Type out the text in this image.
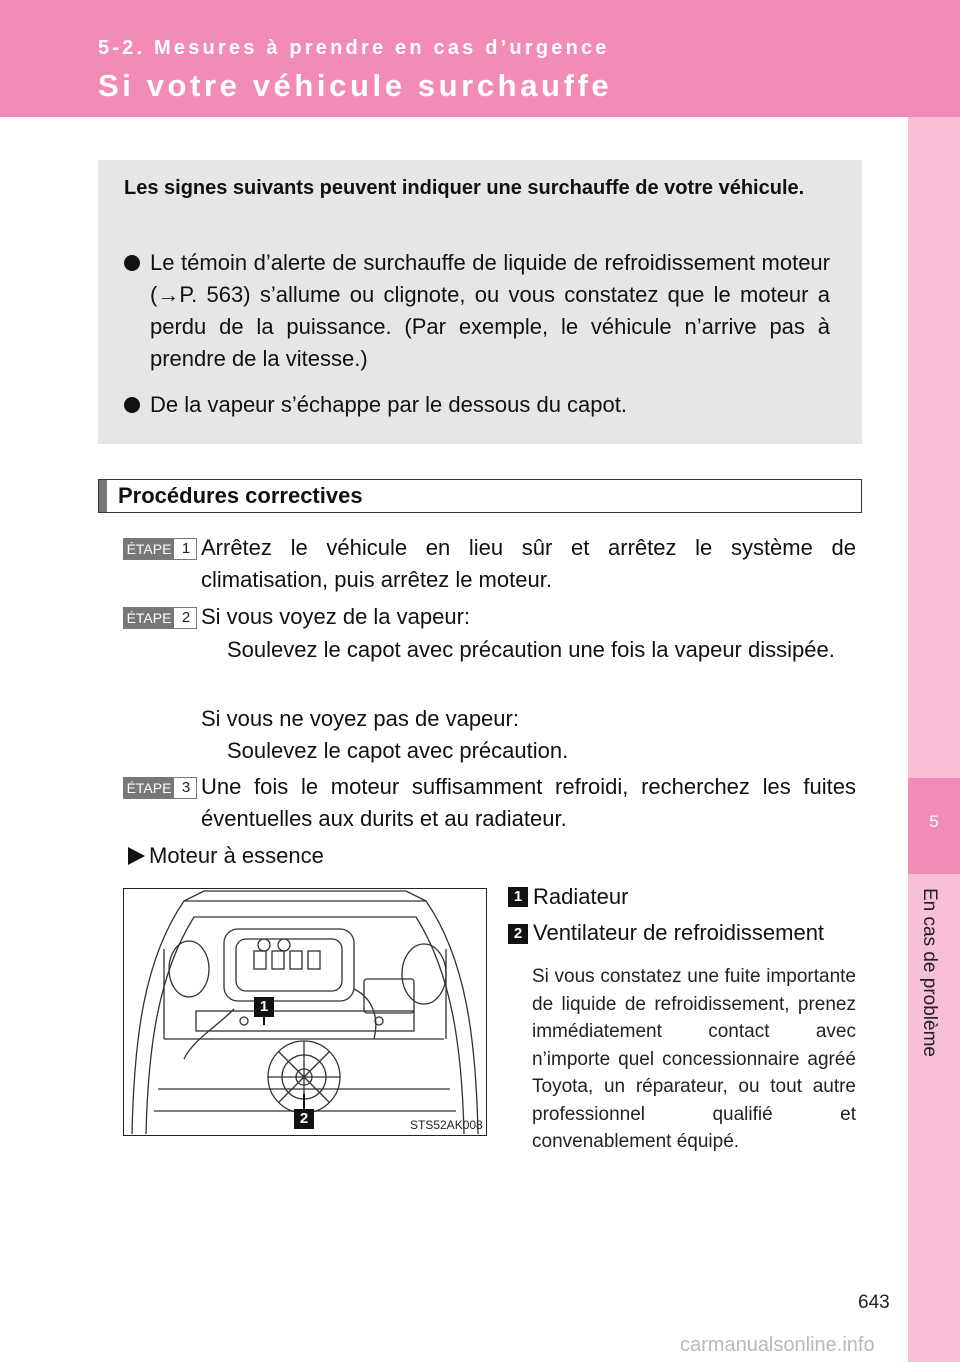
5-2. Mesures à prendre en cas d’urgence
Si votre véhicule surchauffe
5
En cas de problème
Les signes suivants peuvent indiquer une surchauffe de votre véhicule.
Le témoin d’alerte de surchauffe de liquide de refroidissement moteur (→P. 563) s’allume ou clignote, ou vous constatez que le moteur a perdu de la puissance. (Par exemple, le véhicule n’arrive pas à prendre de la vitesse.)
De la vapeur s’échappe par le dessous du capot.
Procédures correctives
ÉTAPE 1 Arrêtez le véhicule en lieu sûr et arrêtez le système de climatisation, puis arrêtez le moteur.
ÉTAPE 2 Si vous voyez de la vapeur:
Soulevez le capot avec précaution une fois la vapeur dissipée.
Si vous ne voyez pas de vapeur:
Soulevez le capot avec précaution.
ÉTAPE 3 Une fois le moteur suffisamment refroidi, recherchez les fuites éventuelles aux durits et au radiateur.
Moteur à essence
1
2	STS52AK008
1 Radiateur
2 Ventilateur de refroidissement
Si vous constatez une fuite importante de liquide de refroidissement, prenez immédiatement contact avec n’importe quel concessionnaire agréé Toyota, un réparateur, ou tout autre professionnel qualifié et convenablement équipé.
643
carmanualsonline.info
